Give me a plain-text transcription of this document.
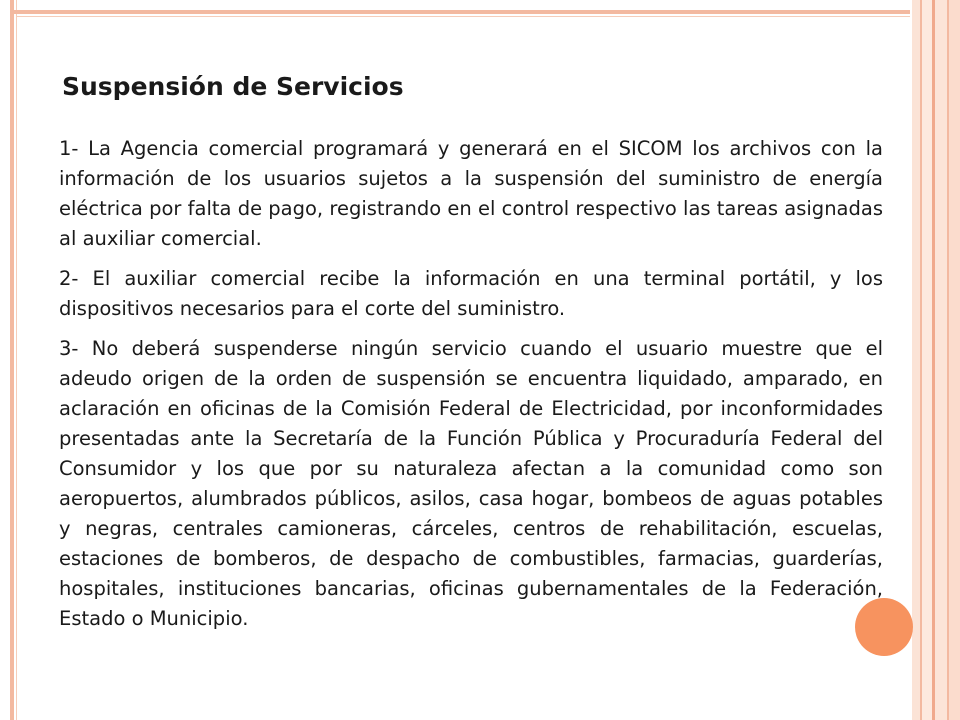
Suspensión de Servicios

1- La Agencia comercial programará y generará en el SICOM los archivos con la información de los usuarios sujetos a la suspensión del suministro de energía eléctrica por falta de pago, registrando en el control respectivo las tareas asignadas al auxiliar comercial.

2- El auxiliar comercial recibe la información en una terminal portátil, y los dispositivos necesarios para el corte del suministro.

3- No deberá suspenderse ningún servicio cuando el usuario muestre que el adeudo origen de la orden de suspensión se encuentra liquidado, amparado, en aclaración en oficinas de la Comisión Federal de Electricidad, por inconformidades presentadas ante la Secretaría de la Función Pública y Procuraduría Federal del Consumidor y los que por su naturaleza afectan a la comunidad como son aeropuertos, alumbrados públicos, asilos, casa hogar, bombeos de aguas potables y negras, centrales camioneras, cárceles, centros de rehabilitación, escuelas, estaciones de bomberos, de despacho de combustibles, farmacias, guarderías, hospitales, instituciones bancarias, oficinas gubernamentales de la Federación, Estado o Municipio.
